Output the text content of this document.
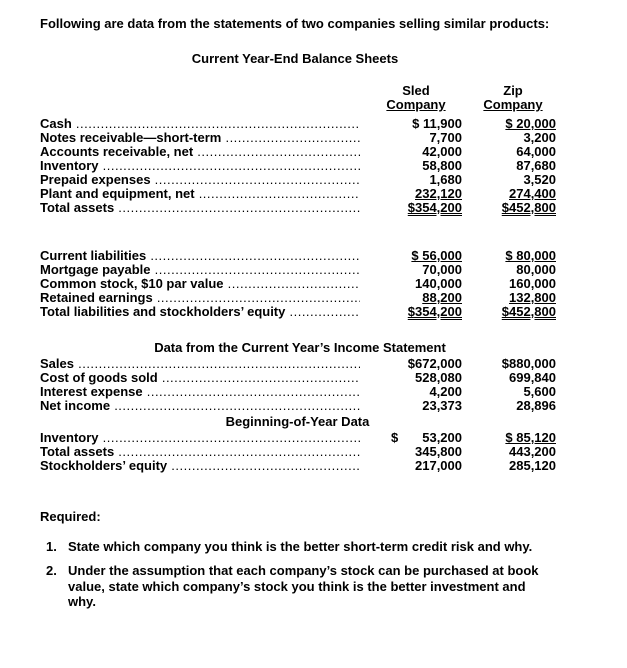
Following are data from the statements of two companies selling similar products:
Current Year-End Balance Sheets
Sled
Company
Zip
Company
Cash .....	$ 11,900	$ 20,000
Notes receivable—short-term .....	7,700	3,200
Accounts receivable, net .....	42,000	64,000
Inventory .....	58,800	87,680
Prepaid expenses .....	1,680	3,520
Plant and equipment, net .....	232,120	274,400
Total assets .....	$354,200	$452,800
Current liabilities .....	$ 56,000	$ 80,000
Mortgage payable .....	70,000	80,000
Common stock, $10 par value .....	140,000	160,000
Retained earnings .....	88,200	132,800
Total liabilities and stockholders’ equity .....	$354,200	$452,800
Data from the Current Year’s Income Statement
Sales .....	$672,000	$880,000
Cost of goods sold .....	528,080	699,840
Interest expense .....	4,200	5,600
Net income .....	23,373	28,896
Beginning-of-Year Data
Inventory .....	$	53,200	$ 85,120
Total assets .....	345,800	443,200
Stockholders’ equity .....	217,000	285,120
Required:
1. State which company you think is the better short-term credit risk and why.
2. Under the assumption that each company’s stock can be purchased at book value, state which company’s stock you think is the better investment and why.
